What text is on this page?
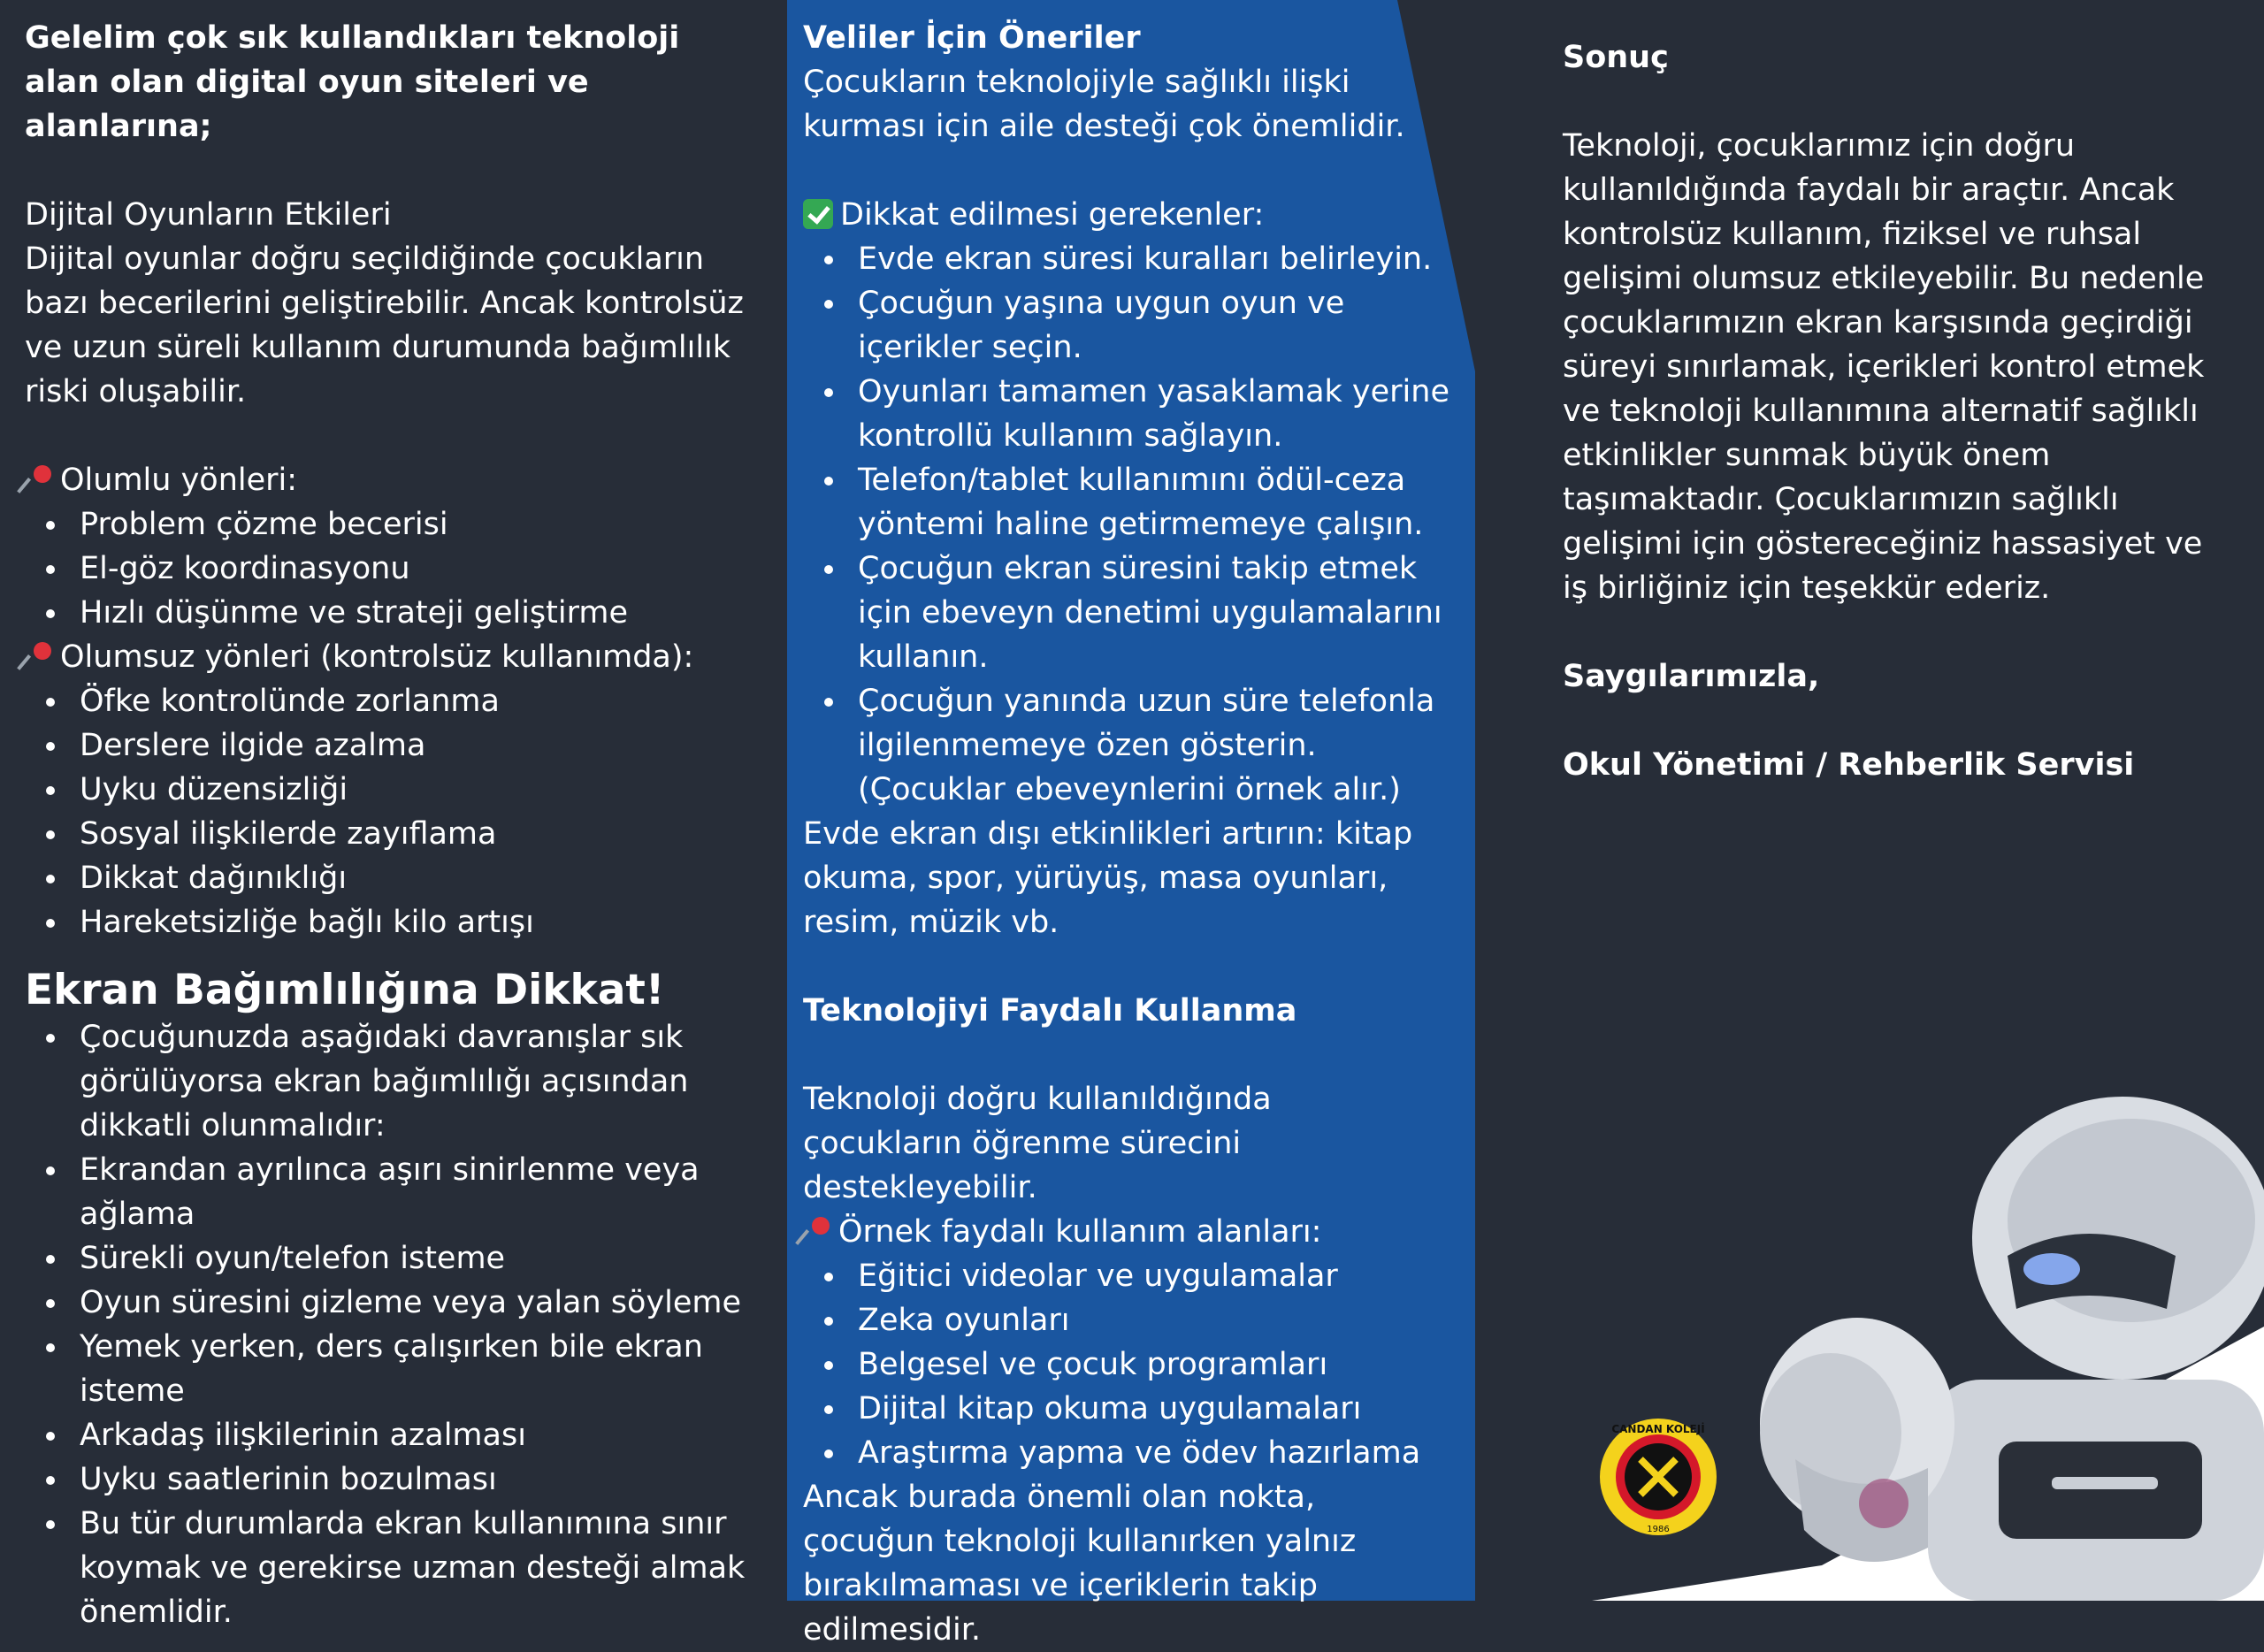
CANDAN KOLEJİ
1986

Gelelim çok sık kullandıkları teknoloji alan olan digital oyun siteleri ve alanlarına;

Dijital Oyunların Etkileri

Dijital oyunlar doğru seçildiğinde çocukların bazı becerilerini geliştirebilir. Ancak kontrolsüz ve uzun süreli kullanım durumunda bağımlılık riski oluşabilir.

Olumlu yönleri:

Problem çözme becerisi
El-göz koordinasyonu
Hızlı düşünme ve strateji geliştirme

Olumsuz yönleri (kontrolsüz kullanımda):

Öfke kontrolünde zorlanma
Derslere ilgide azalma
Uyku düzensizliği
Sosyal ilişkilerde zayıflama
Dikkat dağınıklığı
Hareketsizliğe bağlı kilo artışı
Ekran Bağımlılığına Dikkat!
Çocuğunuzda aşağıdaki davranışlar sık görülüyorsa ekran bağımlılığı açısından dikkatli olunmalıdır:
Ekrandan ayrılınca aşırı sinirlenme veya ağlama
Sürekli oyun/telefon isteme
Oyun süresini gizleme veya yalan söyleme
Yemek yerken, ders çalışırken bile ekran isteme
Arkadaş ilişkilerinin azalması
Uyku saatlerinin bozulması
Bu tür durumlarda ekran kullanımına sınır koymak ve gerekirse uzman desteği almak önemlidir.
Veliler İçin Öneriler

Çocukların teknolojiyle sağlıklı ilişki kurması için aile desteği çok önemlidir.

Dikkat edilmesi gerekenler:

Evde ekran süresi kuralları belirleyin.
Çocuğun yaşına uygun oyun ve içerikler seçin.
Oyunları tamamen yasaklamak yerine kontrollü kullanım sağlayın.
Telefon/tablet kullanımını ödül-ceza yöntemi haline getirmemeye çalışın.
Çocuğun ekran süresini takip etmek için ebeveyn denetimi uygulamalarını kullanın.
Çocuğun yanında uzun süre telefonla ilgilenmemeye özen gösterin. (Çocuklar ebeveynlerini örnek alır.)

Evde ekran dışı etkinlikleri artırın: kitap okuma, spor, yürüyüş, masa oyunları, resim, müzik vb.

Teknolojiyi Faydalı Kullanma

Teknoloji doğru kullanıldığında çocukların öğrenme sürecini destekleyebilir.

Örnek faydalı kullanım alanları:

Eğitici videolar ve uygulamalar
Zeka oyunları
Belgesel ve çocuk programları
Dijital kitap okuma uygulamaları
Araştırma yapma ve ödev hazırlama

Ancak burada önemli olan nokta, çocuğun teknoloji kullanırken yalnız bırakılmaması ve içeriklerin takip edilmesidir.

Sonuç

Teknoloji, çocuklarımız için doğru kullanıldığında faydalı bir araçtır. Ancak kontrolsüz kullanım, fiziksel ve ruhsal gelişimi olumsuz etkileyebilir. Bu nedenle çocuklarımızın ekran karşısında geçirdiği süreyi sınırlamak, içerikleri kontrol etmek ve teknoloji kullanımına alternatif sağlıklı etkinlikler sunmak büyük önem taşımaktadır. Çocuklarımızın sağlıklı gelişimi için göstereceğiniz hassasiyet ve iş birliğiniz için teşekkür ederiz.

Saygılarımızla,

Okul Yönetimi / Rehberlik Servisi
